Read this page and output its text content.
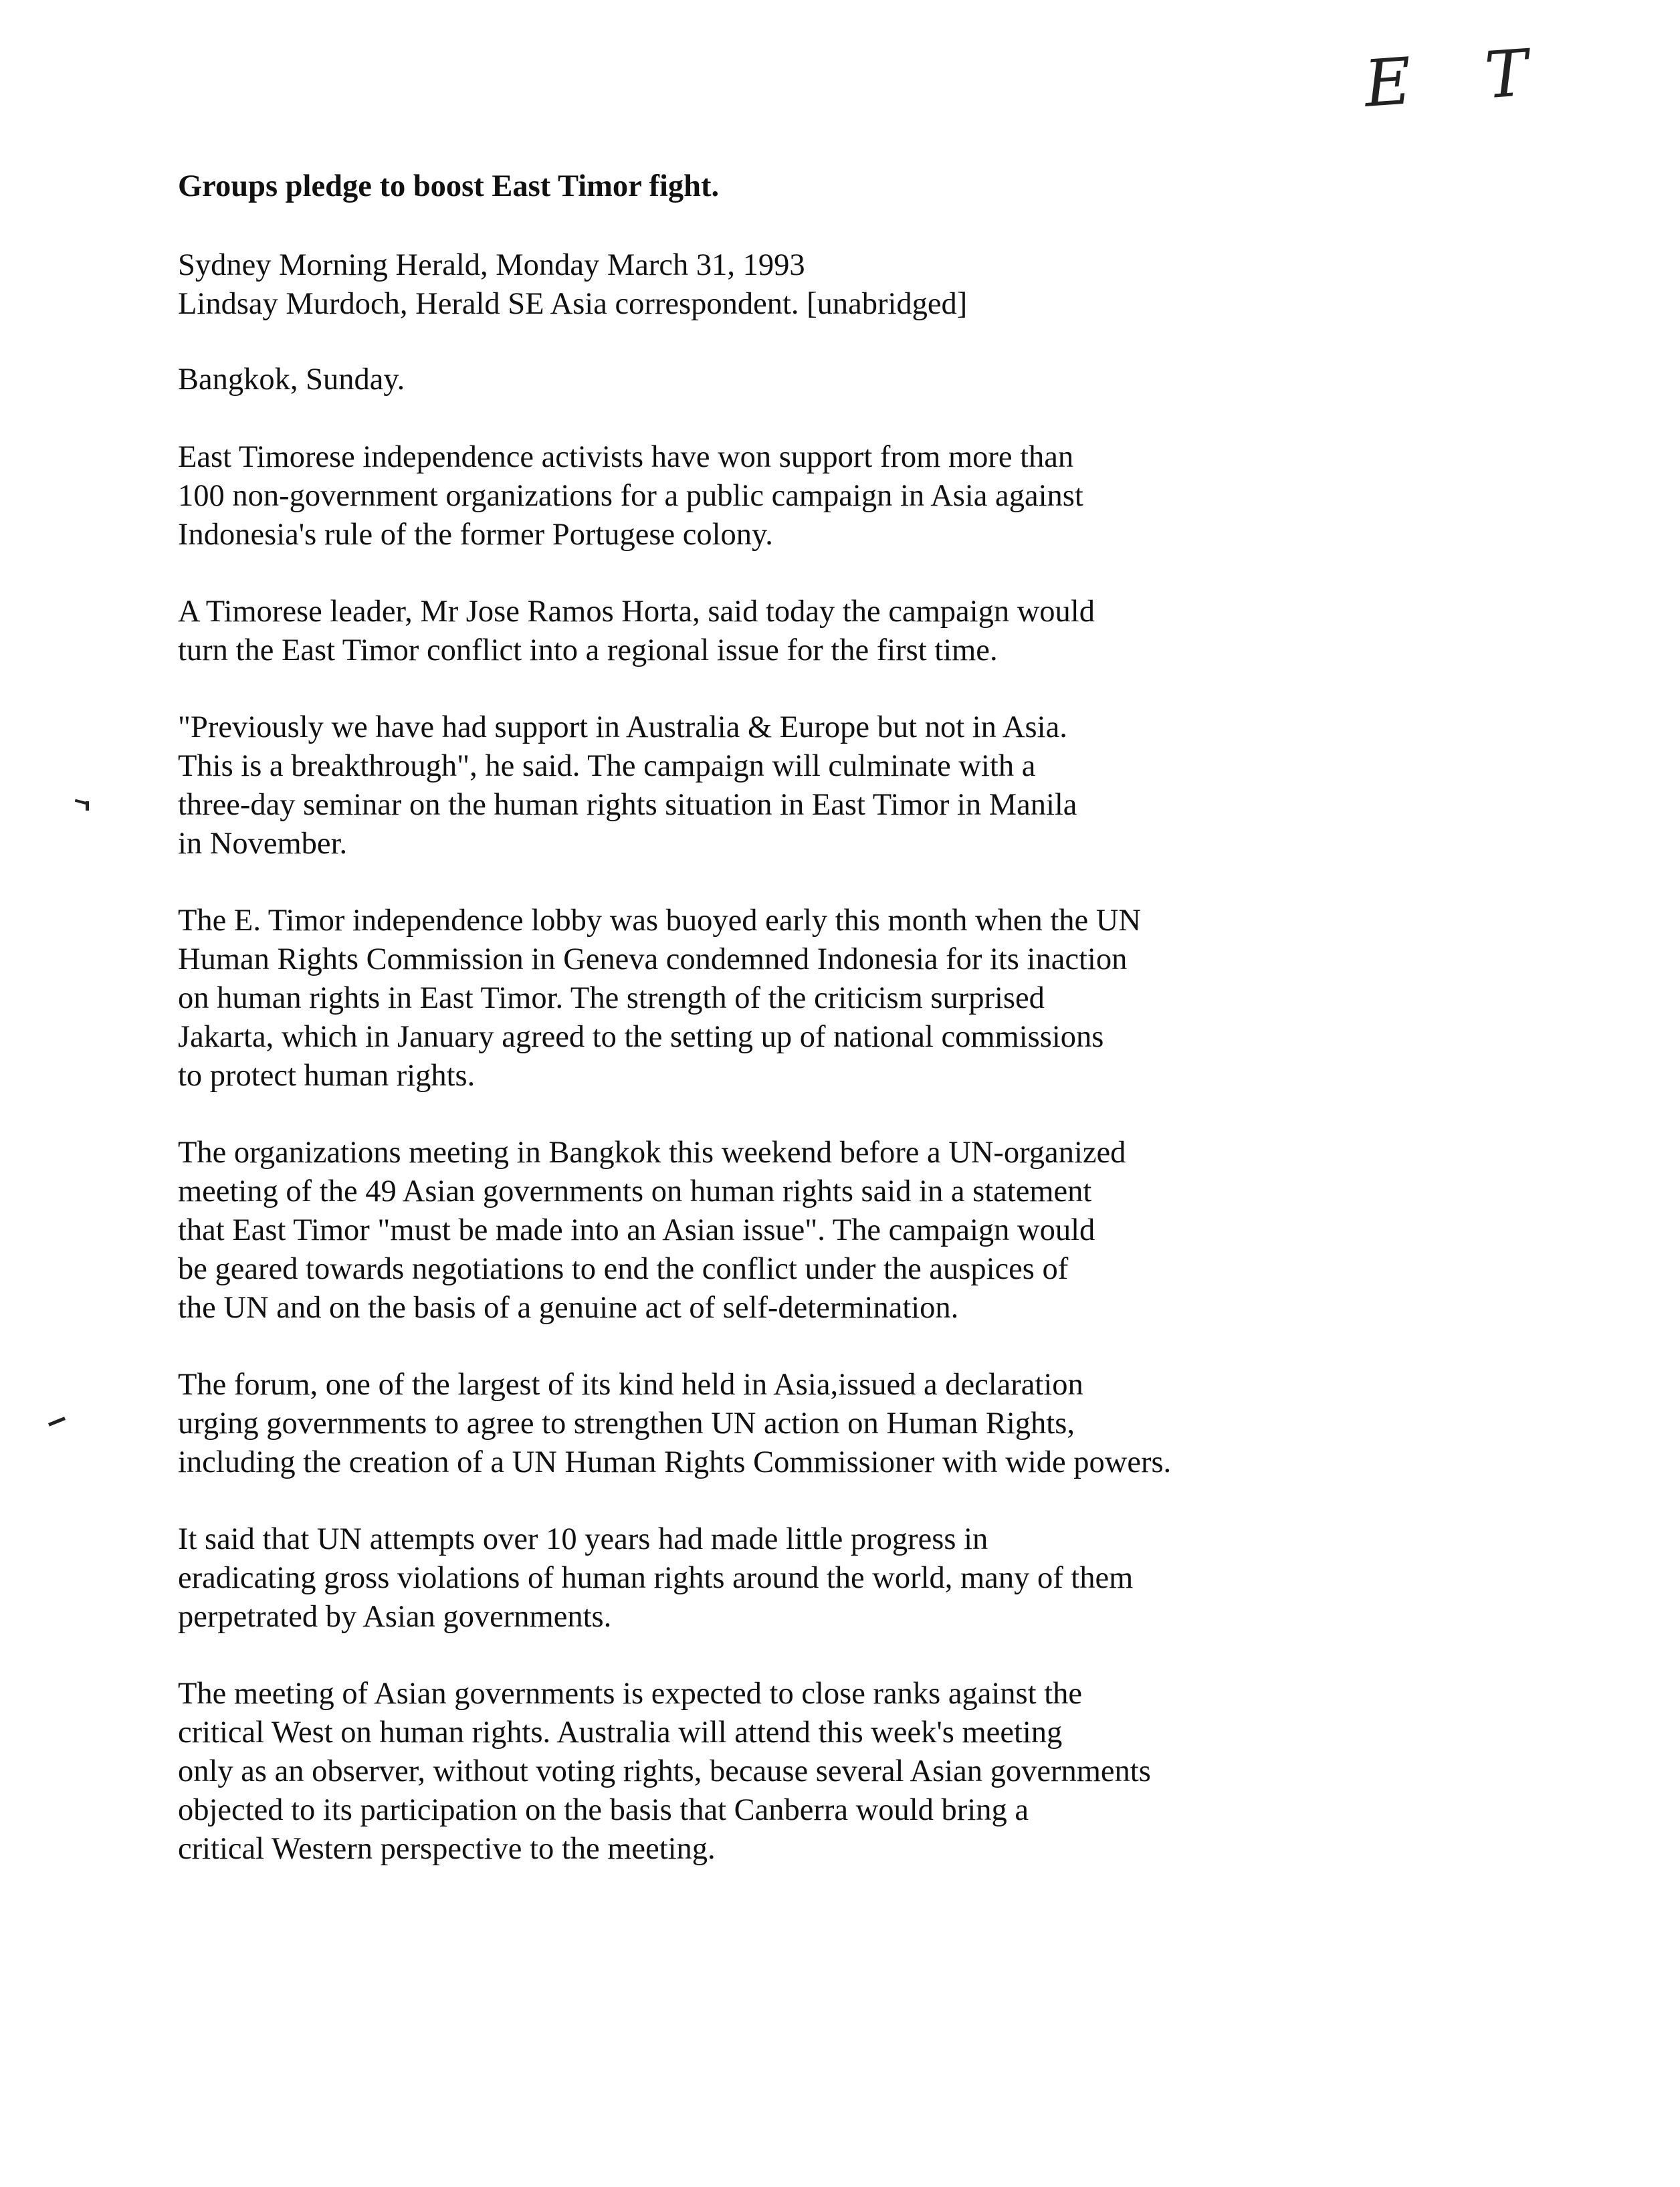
E T
Groups pledge to boost East Timor fight.
Sydney Morning Herald, Monday March 31, 1993
Lindsay Murdoch, Herald SE Asia correspondent. [unabridged]
Bangkok, Sunday.
East Timorese independence activists have won support from more than
100 non-government organizations for a public campaign in Asia against
Indonesia's rule of the former Portugese colony.
A Timorese leader, Mr Jose Ramos Horta, said today the campaign would
turn the East Timor conflict into a regional issue for the first time.
"Previously we have had support in Australia & Europe but not in Asia.
This is a breakthrough", he said. The campaign will culminate with a
three-day seminar on the human rights situation in East Timor in Manila
in November.
The E. Timor independence lobby was buoyed early this month when the UN
Human Rights Commission in Geneva condemned Indonesia for its inaction
on human rights in East Timor. The strength of the criticism surprised
Jakarta, which in January agreed to the setting up of national commissions
to protect human rights.
The organizations meeting in Bangkok this weekend before a UN-organized
meeting of the 49 Asian governments on human rights said in a statement
that East Timor "must be made into an Asian issue". The campaign would
be geared towards negotiations to end the conflict under the auspices of
the UN and on the basis of a genuine act of self-determination.
The forum, one of the largest of its kind held in Asia,issued a declaration
urging governments to agree to strengthen UN action on Human Rights,
including the creation of a UN Human Rights Commissioner with wide powers.
It said that UN attempts over 10 years had made little progress in
eradicating gross violations of human rights around the world, many of them
perpetrated by Asian governments.
The meeting of Asian governments is expected to close ranks against the
critical West on human rights. Australia will attend this week's meeting
only as an observer, without voting rights, because several Asian governments
objected to its participation on the basis that Canberra would bring a
critical Western perspective to the meeting.
